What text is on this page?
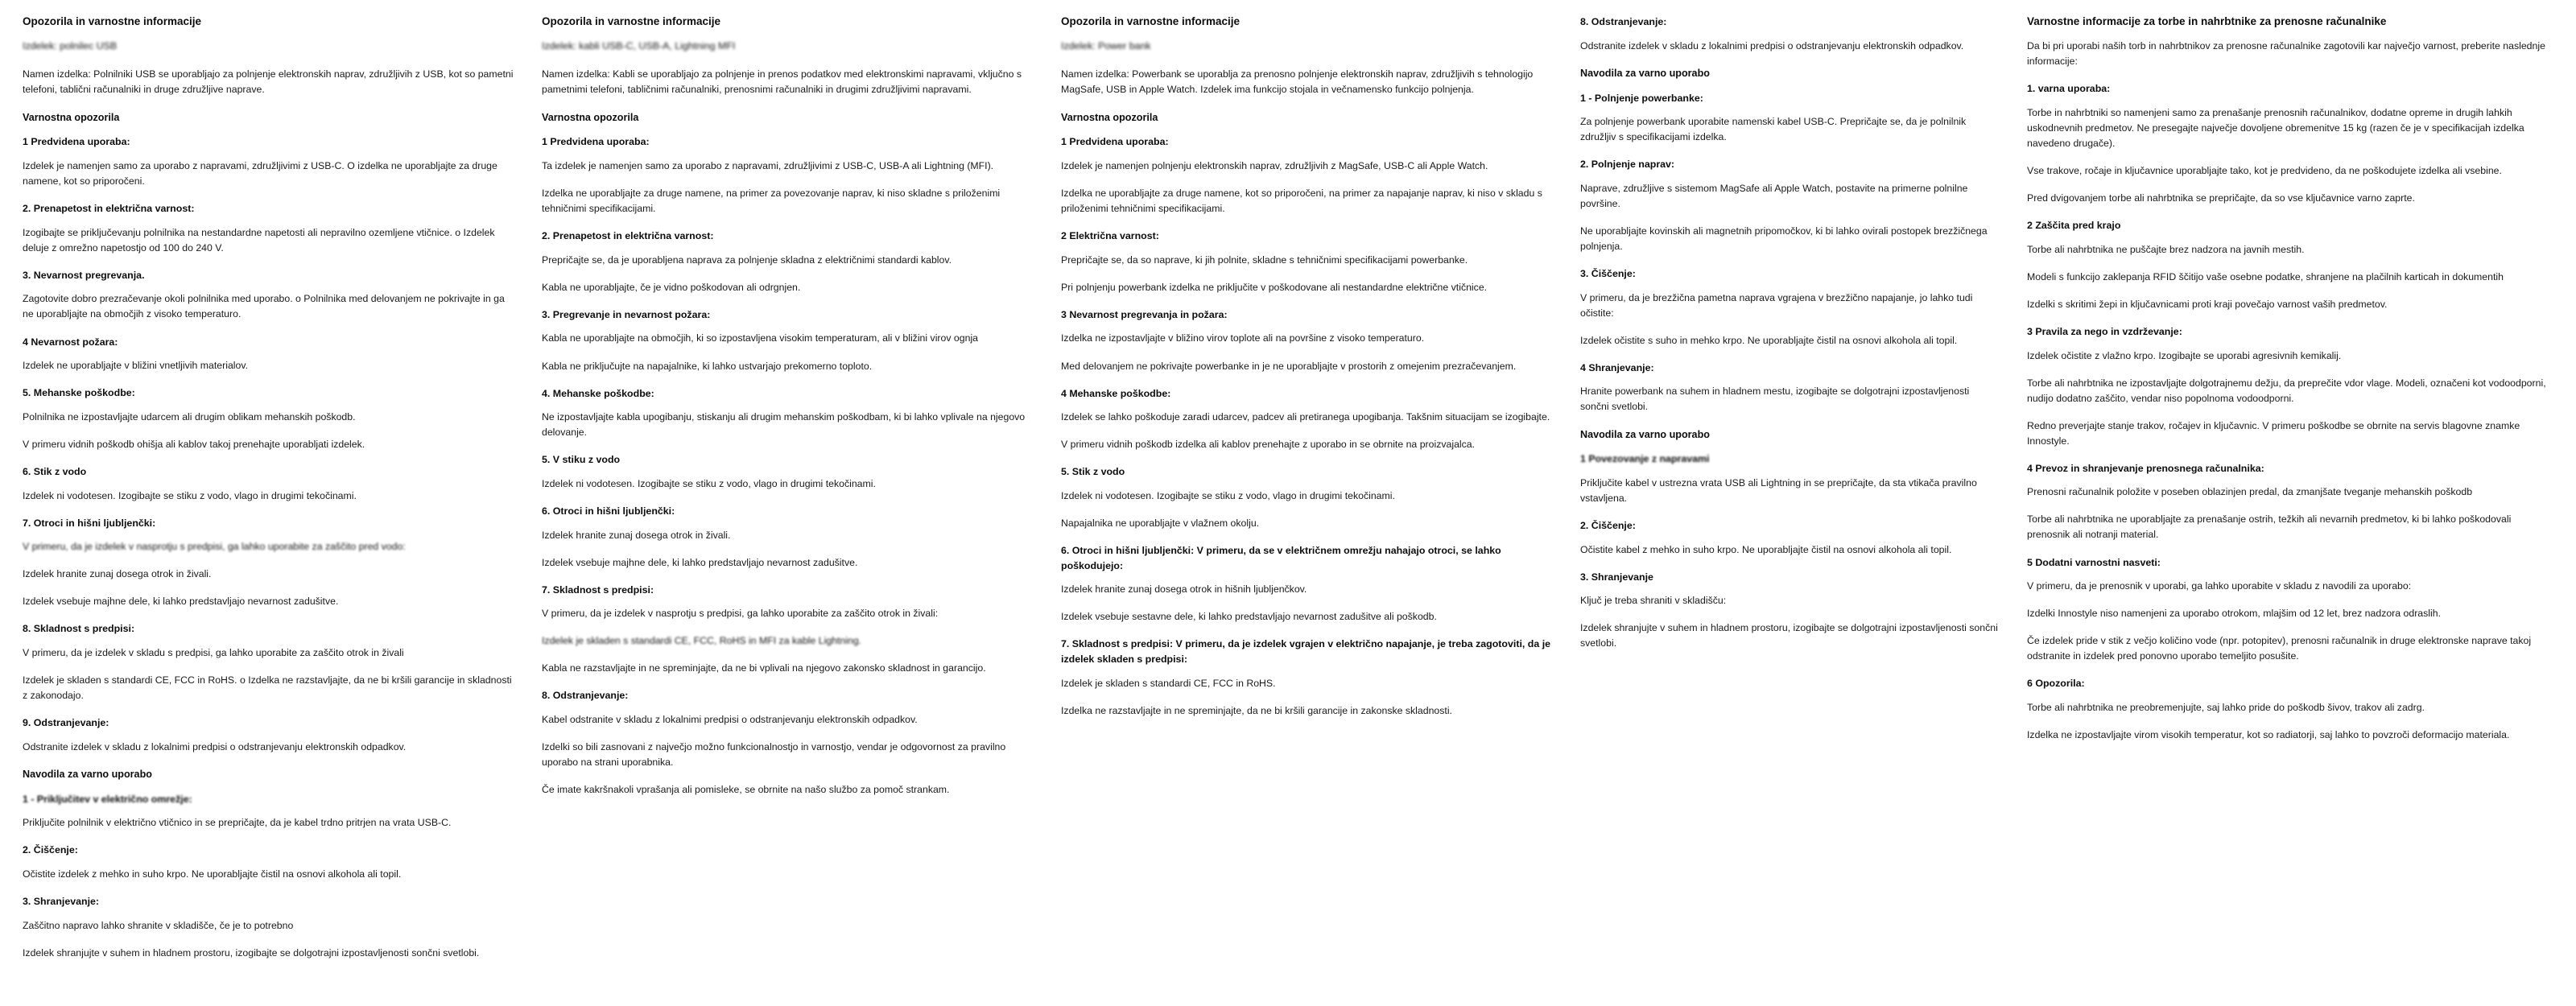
Opozorila in varnostne informacije
Izdelek: polnilec USB

Namen izdelka: Polnilniki USB se uporabljajo za polnjenje elektronskih naprav, združljivih z USB, kot so pametni telefoni, tablični računalniki in druge združljive naprave.

Varnostna opozorila
1 Predvidena uporaba:

Izdelek je namenjen samo za uporabo z napravami, združljivimi z USB-C. O izdelka ne uporabljajte za druge namene, kot so priporočeni.

2. Prenapetost in električna varnost:

Izogibajte se priključevanju polnilnika na nestandardne napetosti ali nepravilno ozemljene vtičnice. o Izdelek deluje z omrežno napetostjo od 100 do 240 V.

3. Nevarnost pregrevanja.

Zagotovite dobro prezračevanje okoli polnilnika med uporabo. o Polnilnika med delovanjem ne pokrivajte in ga ne uporabljajte na območjih z visoko temperaturo.

4 Nevarnost požara:

Izdelek ne uporabljajte v bližini vnetljivih materialov.

5. Mehanske poškodbe:

Polnilnika ne izpostavljajte udarcem ali drugim oblikam mehanskih poškodb.

V primeru vidnih poškodb ohišja ali kablov takoj prenehajte uporabljati izdelek.

6. Stik z vodo

Izdelek ni vodotesen. Izogibajte se stiku z vodo, vlago in drugimi tekočinami.

7. Otroci in hišni ljubljenčki:

V primeru, da je izdelek v nasprotju s predpisi, ga lahko uporabite za zaščito pred vodo:

Izdelek hranite zunaj dosega otrok in živali.

Izdelek vsebuje majhne dele, ki lahko predstavljajo nevarnost zadušitve.

8. Skladnost s predpisi:

V primeru, da je izdelek v skladu s predpisi, ga lahko uporabite za zaščito otrok in živali

Izdelek je skladen s standardi CE, FCC in RoHS. o Izdelka ne razstavljajte, da ne bi kršili garancije in skladnosti z zakonodajo.

9. Odstranjevanje:

Odstranite izdelek v skladu z lokalnimi predpisi o odstranjevanju elektronskih odpadkov.

Navodila za varno uporabo
1 - Priključitev v električno omrežje:

Priključite polnilnik v električno vtičnico in se prepričajte, da je kabel trdno pritrjen na vrata USB-C.

2. Čiščenje:

Očistite izdelek z mehko in suho krpo. Ne uporabljajte čistil na osnovi alkohola ali topil.

3. Shranjevanje:

Zaščitno napravo lahko shranite v skladišče, če je to potrebno

Izdelek shranjujte v suhem in hladnem prostoru, izogibajte se dolgotrajni izpostavljenosti sončni svetlobi.

Opozorila in varnostne informacije
Izdelek: kabli USB-C, USB-A, Lightning MFI

Namen izdelka: Kabli se uporabljajo za polnjenje in prenos podatkov med elektronskimi napravami, vključno s pametnimi telefoni, tabličnimi računalniki, prenosnimi računalniki in drugimi združljivimi napravami.

Varnostna opozorila
1 Predvidena uporaba:

Ta izdelek je namenjen samo za uporabo z napravami, združljivimi z USB-C, USB-A ali Lightning (MFI).

Izdelka ne uporabljajte za druge namene, na primer za povezovanje naprav, ki niso skladne s priloženimi tehničnimi specifikacijami.

2. Prenapetost in električna varnost:

Prepričajte se, da je uporabljena naprava za polnjenje skladna z električnimi standardi kablov.

Kabla ne uporabljajte, če je vidno poškodovan ali odrgnjen.

3. Pregrevanje in nevarnost požara:

Kabla ne uporabljajte na območjih, ki so izpostavljena visokim temperaturam, ali v bližini virov ognja

Kabla ne priključujte na napajalnike, ki lahko ustvarjajo prekomerno toploto.

4. Mehanske poškodbe:

Ne izpostavljajte kabla upogibanju, stiskanju ali drugim mehanskim poškodbam, ki bi lahko vplivale na njegovo delovanje.

5. V stiku z vodo

Izdelek ni vodotesen. Izogibajte se stiku z vodo, vlago in drugimi tekočinami.

6. Otroci in hišni ljubljenčki:

Izdelek hranite zunaj dosega otrok in živali.

Izdelek vsebuje majhne dele, ki lahko predstavljajo nevarnost zadušitve.

7. Skladnost s predpisi:

V primeru, da je izdelek v nasprotju s predpisi, ga lahko uporabite za zaščito otrok in živali:

Izdelek je skladen s standardi CE, FCC, RoHS in MFI za kable Lightning.

Kabla ne razstavljajte in ne spreminjajte, da ne bi vplivali na njegovo zakonsko skladnost in garancijo.

8. Odstranjevanje:

Kabel odstranite v skladu z lokalnimi predpisi o odstranjevanju elektronskih odpadkov.

Izdelki so bili zasnovani z največjo možno funkcionalnostjo in varnostjo, vendar je odgovornost za pravilno uporabo na strani uporabnika.

Če imate kakršnakoli vprašanja ali pomisleke, se obrnite na našo službo za pomoč strankam.

Opozorila in varnostne informacije
Izdelek: Power bank

Namen izdelka: Powerbank se uporablja za prenosno polnjenje elektronskih naprav, združljivih s tehnologijo MagSafe, USB in Apple Watch. Izdelek ima funkcijo stojala in večnamensko funkcijo polnjenja.

Varnostna opozorila
1 Predvidena uporaba:

Izdelek je namenjen polnjenju elektronskih naprav, združljivih z MagSafe, USB-C ali Apple Watch.

Izdelka ne uporabljajte za druge namene, kot so priporočeni, na primer za napajanje naprav, ki niso v skladu s priloženimi tehničnimi specifikacijami.

2 Električna varnost:

Prepričajte se, da so naprave, ki jih polnite, skladne s tehničnimi specifikacijami powerbanke.

Pri polnjenju powerbank izdelka ne priključite v poškodovane ali nestandardne električne vtičnice.

3 Nevarnost pregrevanja in požara:

Izdelka ne izpostavljajte v bližino virov toplote ali na površine z visoko temperaturo.

Med delovanjem ne pokrivajte powerbanke in je ne uporabljajte v prostorih z omejenim prezračevanjem.

4 Mehanske poškodbe:

Izdelek se lahko poškoduje zaradi udarcev, padcev ali pretiranega upogibanja. Takšnim situacijam se izogibajte.

V primeru vidnih poškodb izdelka ali kablov prenehajte z uporabo in se obrnite na proizvajalca.

5. Stik z vodo

Izdelek ni vodotesen. Izogibajte se stiku z vodo, vlago in drugimi tekočinami.

Napajalnika ne uporabljajte v vlažnem okolju.

6. Otroci in hišni ljubljenčki: V primeru, da se v električnem omrežju nahajajo otroci, se lahko poškodujejo:

Izdelek hranite zunaj dosega otrok in hišnih ljubljenčkov.

Izdelek vsebuje sestavne dele, ki lahko predstavljajo nevarnost zadušitve ali poškodb.

7. Skladnost s predpisi: V primeru, da je izdelek vgrajen v električno napajanje, je treba zagotoviti, da je izdelek skladen s predpisi:

Izdelek je skladen s standardi CE, FCC in RoHS.

Izdelka ne razstavljajte in ne spreminjajte, da ne bi kršili garancije in zakonske skladnosti.

8. Odstranjevanje:

Odstranite izdelek v skladu z lokalnimi predpisi o odstranjevanju elektronskih odpadkov.

Navodila za varno uporabo
1 - Polnjenje powerbanke:

Za polnjenje powerbank uporabite namenski kabel USB-C. Prepričajte se, da je polnilnik združljiv s specifikacijami izdelka.

2. Polnjenje naprav:

Naprave, združljive s sistemom MagSafe ali Apple Watch, postavite na primerne polnilne površine.

Ne uporabljajte kovinskih ali magnetnih pripomočkov, ki bi lahko ovirali postopek brezžičnega polnjenja.

3. Čiščenje:

V primeru, da je brezžična pametna naprava vgrajena v brezžično napajanje, jo lahko tudi očistite:

Izdelek očistite s suho in mehko krpo. Ne uporabljajte čistil na osnovi alkohola ali topil.

4 Shranjevanje:

Hranite powerbank na suhem in hladnem mestu, izogibajte se dolgotrajni izpostavljenosti sončni svetlobi.

Navodila za varno uporabo
1 Povezovanje z napravami

Priključite kabel v ustrezna vrata USB ali Lightning in se prepričajte, da sta vtikača pravilno vstavljena.

2. Čiščenje:

Očistite kabel z mehko in suho krpo. Ne uporabljajte čistil na osnovi alkohola ali topil.

3. Shranjevanje

Ključ je treba shraniti v skladišču:

Izdelek shranjujte v suhem in hladnem prostoru, izogibajte se dolgotrajni izpostavljenosti sončni svetlobi.

Varnostne informacije za torbe in nahrbtnike za prenosne računalnike

Da bi pri uporabi naših torb in nahrbtnikov za prenosne računalnike zagotovili kar največjo varnost, preberite naslednje informacije:

1. varna uporaba:

Torbe in nahrbtniki so namenjeni samo za prenašanje prenosnih računalnikov, dodatne opreme in drugih lahkih uskodnevnih predmetov. Ne presegajte največje dovoljene obremenitve 15 kg (razen če je v specifikacijah izdelka navedeno drugače).

Vse trakove, ročaje in ključavnice uporabljajte tako, kot je predvideno, da ne poškodujete izdelka ali vsebine.

Pred dvigovanjem torbe ali nahrbtnika se prepričajte, da so vse ključavnice varno zaprte.

2 Zaščita pred krajo

Torbe ali nahrbtnika ne puščajte brez nadzora na javnih mestih.

Modeli s funkcijo zaklepanja RFID ščitijo vaše osebne podatke, shranjene na plačilnih karticah in dokumentih

Izdelki s skritimi žepi in ključavnicami proti kraji povečajo varnost vaših predmetov.

3 Pravila za nego in vzdrževanje:

Izdelek očistite z vlažno krpo. Izogibajte se uporabi agresivnih kemikalij.

Torbe ali nahrbtnika ne izpostavljajte dolgotrajnemu dežju, da preprečite vdor vlage. Modeli, označeni kot vodoodporni, nudijo dodatno zaščito, vendar niso popolnoma vodoodporni.

Redno preverjajte stanje trakov, ročajev in ključavnic. V primeru poškodbe se obrnite na servis blagovne znamke Innostyle.

4 Prevoz in shranjevanje prenosnega računalnika:

Prenosni računalnik položite v poseben oblazinjen predal, da zmanjšate tveganje mehanskih poškodb

Torbe ali nahrbtnika ne uporabljajte za prenašanje ostrih, težkih ali nevarnih predmetov, ki bi lahko poškodovali prenosnik ali notranji material.

5 Dodatni varnostni nasveti:

V primeru, da je prenosnik v uporabi, ga lahko uporabite v skladu z navodili za uporabo:

Izdelki Innostyle niso namenjeni za uporabo otrokom, mlajšim od 12 let, brez nadzora odraslih.

Če izdelek pride v stik z večjo količino vode (npr. potopitev), prenosni računalnik in druge elektronske naprave takoj odstranite in izdelek pred ponovno uporabo temeljito posušite.

6 Opozorila:

Torbe ali nahrbtnika ne preobremenjujte, saj lahko pride do poškodb šivov, trakov ali zadrg.

Izdelka ne izpostavljajte virom visokih temperatur, kot so radiatorji, saj lahko to povzroči deformacijo materiala.
